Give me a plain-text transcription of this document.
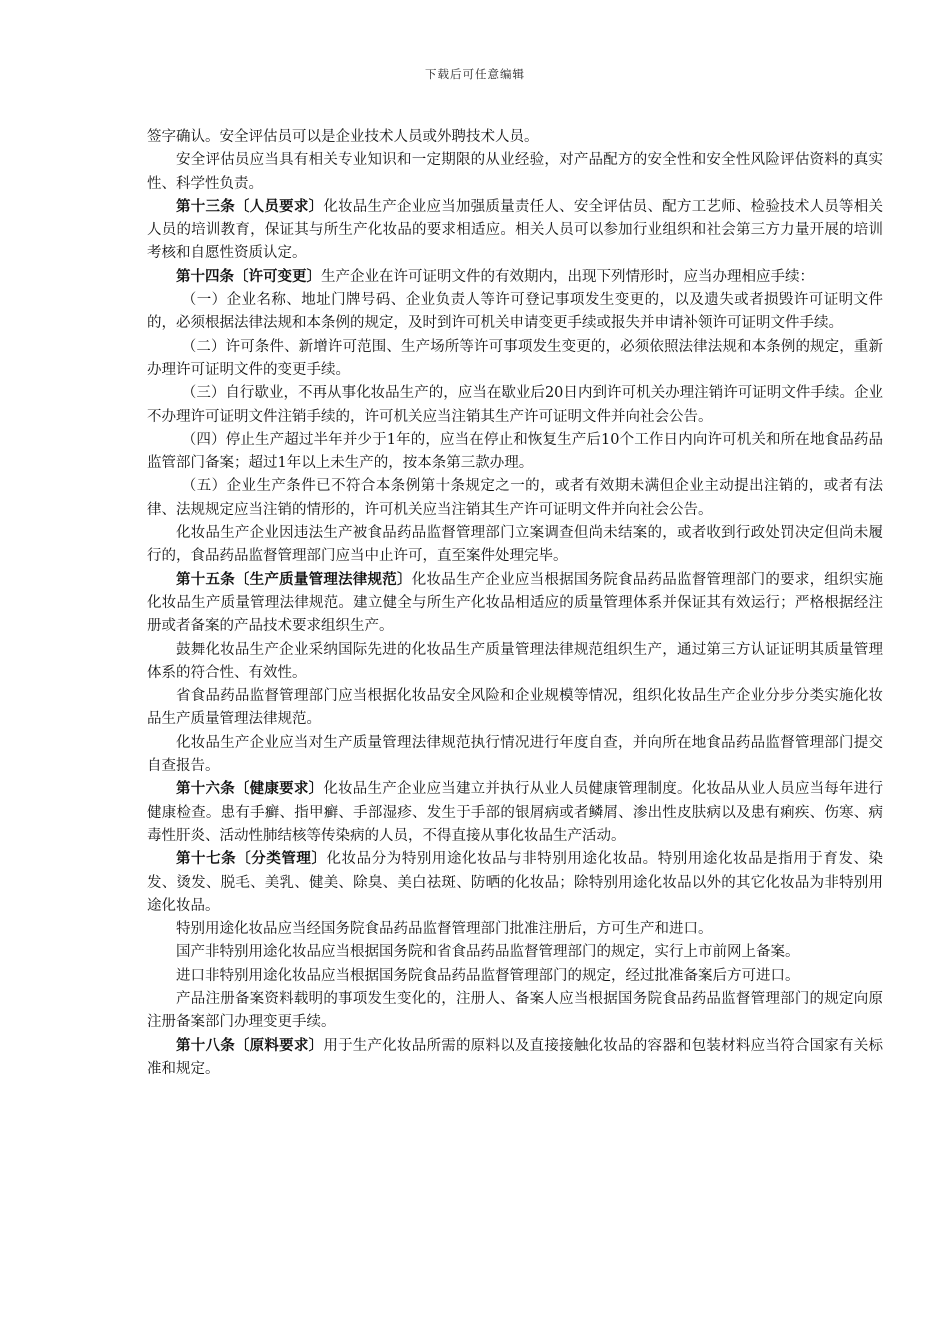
下载后可任意编辑

签字确认。安全评估员可以是企业技术人员或外聘技术人员。

安全评估员应当具有相关专业知识和一定期限的从业经验，对产品配方的安全性和安全性风险评估资料的真实性、科学性负责。

第十三条〔人员要求〕化妆品生产企业应当加强质量责任人、安全评估员、配方工艺师、检验技术人员等相关人员的培训教育，保证其与所生产化妆品的要求相适应。相关人员可以参加行业组织和社会第三方力量开展的培训考核和自愿性资质认定。

第十四条〔许可变更〕生产企业在许可证明文件的有效期内，出现下列情形时，应当办理相应手续：

（一）企业名称、地址门牌号码、企业负责人等许可登记事项发生变更的，以及遗失或者损毁许可证明文件的，必须根据法律法规和本条例的规定，及时到许可机关申请变更手续或报失并申请补领许可证明文件手续。

（二）许可条件、新增许可范围、生产场所等许可事项发生变更的，必须依照法律法规和本条例的规定，重新办理许可证明文件的变更手续。

（三）自行歇业，不再从事化妆品生产的，应当在歇业后20日内到许可机关办理注销许可证明文件手续。企业不办理许可证明文件注销手续的，许可机关应当注销其生产许可证明文件并向社会公告。

（四）停止生产超过半年并少于1年的，应当在停止和恢复生产后10个工作日内向许可机关和所在地食品药品监管部门备案；超过1年以上未生产的，按本条第三款办理。

（五）企业生产条件已不符合本条例第十条规定之一的，或者有效期未满但企业主动提出注销的，或者有法律、法规规定应当注销的情形的，许可机关应当注销其生产许可证明文件并向社会公告。

化妆品生产企业因违法生产被食品药品监督管理部门立案调查但尚未结案的，或者收到行政处罚决定但尚未履行的，食品药品监督管理部门应当中止许可，直至案件处理完毕。

第十五条〔生产质量管理法律规范〕化妆品生产企业应当根据国务院食品药品监督管理部门的要求，组织实施化妆品生产质量管理法律规范。建立健全与所生产化妆品相适应的质量管理体系并保证其有效运行；严格根据经注册或者备案的产品技术要求组织生产。

鼓舞化妆品生产企业采纳国际先进的化妆品生产质量管理法律规范组织生产，通过第三方认证证明其质量管理体系的符合性、有效性。

省食品药品监督管理部门应当根据化妆品安全风险和企业规模等情况，组织化妆品生产企业分步分类实施化妆品生产质量管理法律规范。

化妆品生产企业应当对生产质量管理法律规范执行情况进行年度自查，并向所在地食品药品监督管理部门提交自查报告。

第十六条〔健康要求〕化妆品生产企业应当建立并执行从业人员健康管理制度。化妆品从业人员应当每年进行健康检查。患有手癣、指甲癣、手部湿疹、发生于手部的银屑病或者鳞屑、渗出性皮肤病以及患有痢疾、伤寒、病毒性肝炎、活动性肺结核等传染病的人员，不得直接从事化妆品生产活动。

第十七条〔分类管理〕化妆品分为特别用途化妆品与非特别用途化妆品。特别用途化妆品是指用于育发、染发、烫发、脱毛、美乳、健美、除臭、美白祛斑、防晒的化妆品；除特别用途化妆品以外的其它化妆品为非特别用途化妆品。

特别用途化妆品应当经国务院食品药品监督管理部门批准注册后，方可生产和进口。

国产非特别用途化妆品应当根据国务院和省食品药品监督管理部门的规定，实行上市前网上备案。

进口非特别用途化妆品应当根据国务院食品药品监督管理部门的规定，经过批准备案后方可进口。

产品注册备案资料载明的事项发生变化的，注册人、备案人应当根据国务院食品药品监督管理部门的规定向原注册备案部门办理变更手续。

第十八条〔原料要求〕用于生产化妆品所需的原料以及直接接触化妆品的容器和包装材料应当符合国家有关标准和规定。
